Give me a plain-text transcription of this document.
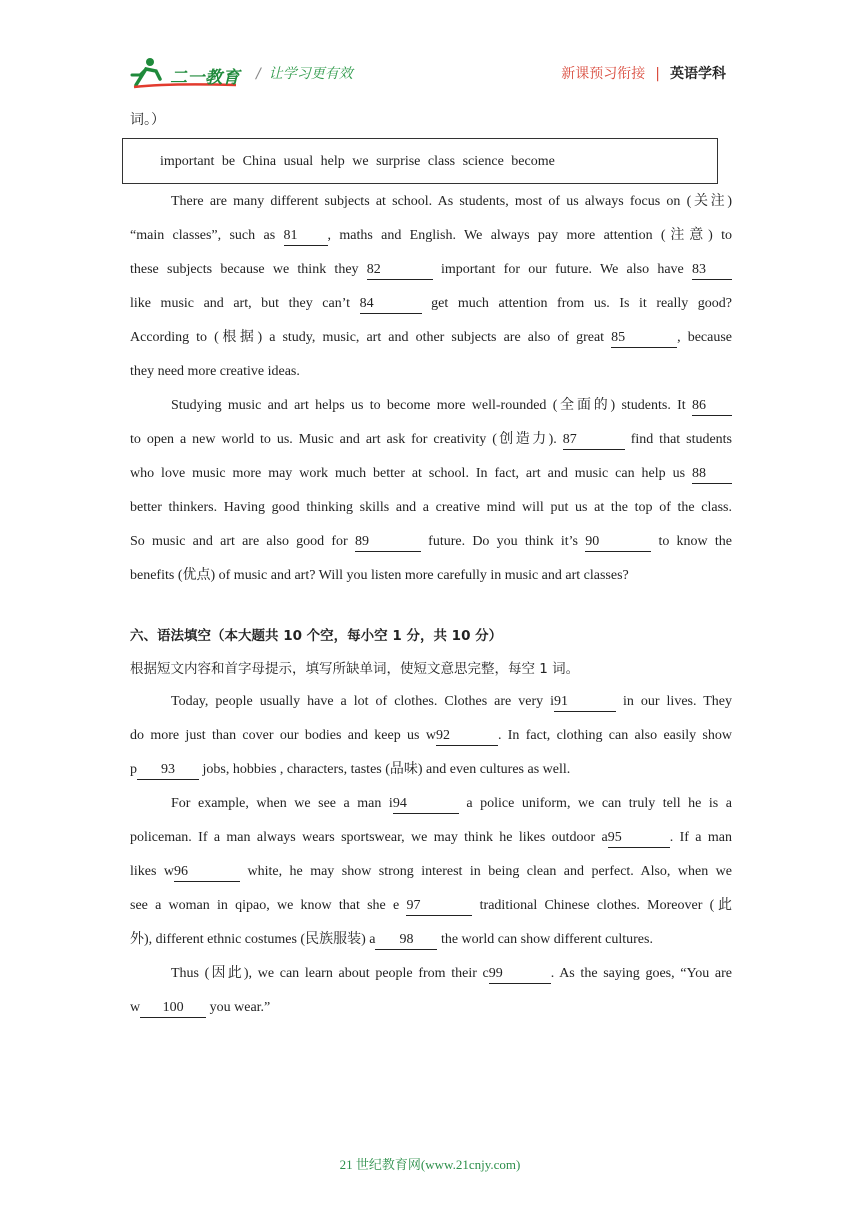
二一教育 / 让学习更有效	新课预习衔接 | 英语学科
词。）
important be China usual help we surprise class science become
There are many different subjects at school. As students, most of us always focus on (关注)
“main classes”, such as 81 , maths and English. We always pay more attention (注意) to
these subjects because we think they 82	important for our future. We also have 83
like music and art, but they can’t 84	get much attention from us. Is it really good?
According to (根据) a study, music, art and other subjects are also of great 85	, because
they need more creative ideas.
Studying music and art helps us to become more well-rounded (全面的) students. It 86
to open a new world to us. Music and art ask for creativity (创造力). 87	find that students
who love music more may work much better at school. In fact, art and music can help us 88
better thinkers. Having good thinking skills and a creative mind will put us at the top of the class.
So music and art are also good for 89	future. Do you think it’s 90	to know the
benefits (优点) of music and art? Will you listen more carefully in music and art classes?
六、语法填空（本大题共 10 个空，每小空 1 分，共 10 分）
根据短文内容和首字母提示，填写所缺单词，使短文意思完整，每空 1 词。
Today, people usually have a lot of clothes. Clothes are very i91	in our lives. They
do more just than cover our bodies and keep us w92	. In fact, clothing can also easily show
p 93 jobs, hobbies , characters, tastes (品味) and even cultures as well.
For example, when we see a man i94	a police uniform, we can truly tell he is a
policeman. If a man always wears sportswear, we may think he likes outdoor a95	. If a man
likes w96	white, he may show strong interest in being clean and perfect. Also, when we
see a woman in qipao, we know that she e 97	traditional Chinese clothes. Moreover (此
外), different ethnic costumes (民族服装) a 98 the world can show different cultures.
Thus (因此), we can learn about people from their c99	. As the saying goes, “You are
w 100 you wear.”
21 世纪教育网(www.21cnjy.com)
